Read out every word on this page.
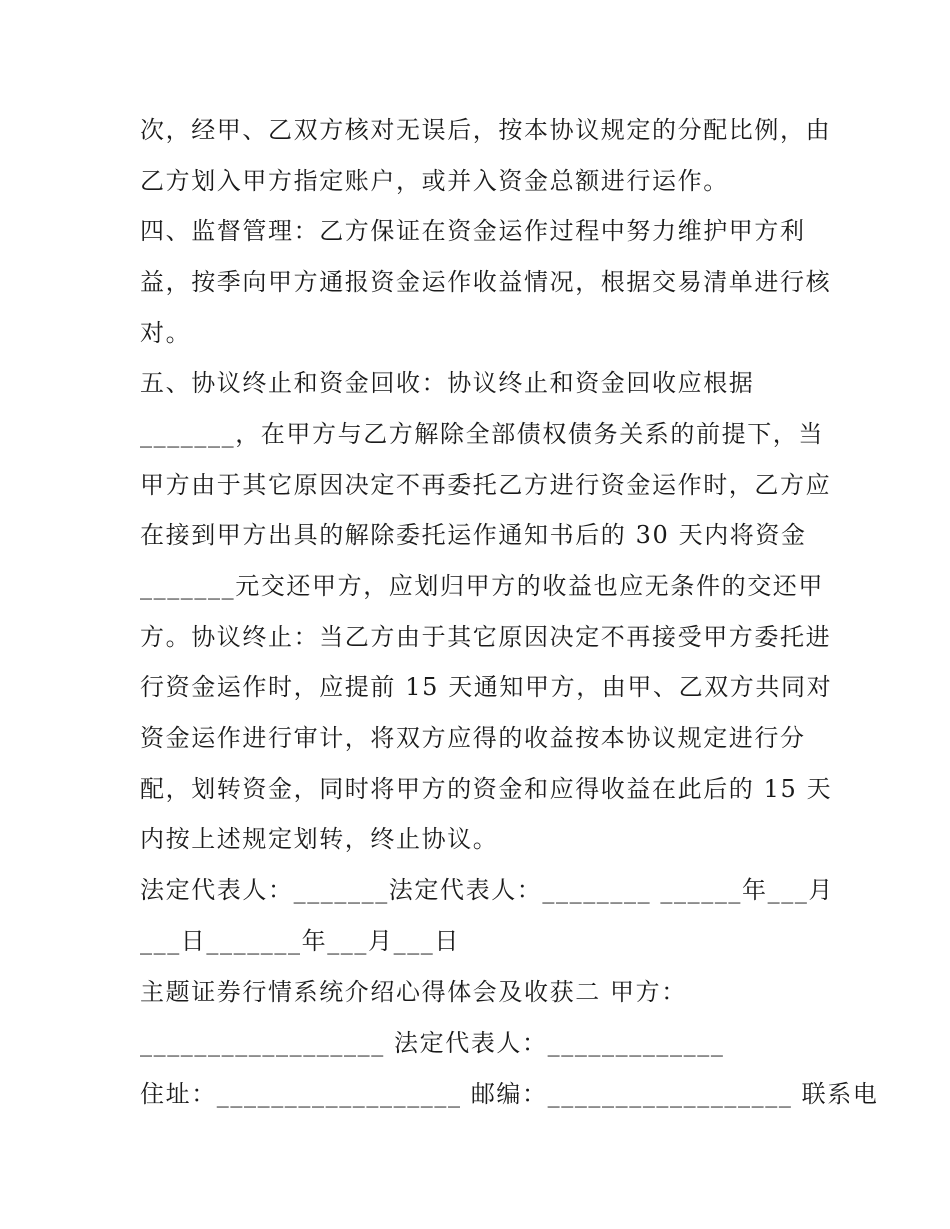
次，经甲、乙双方核对无误后，按本协议规定的分配比例，由
乙方划入甲方指定账户，或并入资金总额进行运作。
四、监督管理：乙方保证在资金运作过程中努力维护甲方利
益，按季向甲方通报资金运作收益情况，根据交易清单进行核
对。
五、协议终止和资金回收：协议终止和资金回收应根据
_______，在甲方与乙方解除全部债权债务关系的前提下，当
甲方由于其它原因决定不再委托乙方进行资金运作时，乙方应
在接到甲方出具的解除委托运作通知书后的 30 天内将资金
_______元交还甲方，应划归甲方的收益也应无条件的交还甲
方。协议终止：当乙方由于其它原因决定不再接受甲方委托进
行资金运作时，应提前 15 天通知甲方，由甲、乙双方共同对
资金运作进行审计，将双方应得的收益按本协议规定进行分
配，划转资金，同时将甲方的资金和应得收益在此后的 15 天
内按上述规定划转，终止协议。
法定代表人：_______法定代表人：________ ______年___月
___日_______年___月___日
主题证券行情系统介绍心得体会及收获二 甲方：
__________________ 法定代表人：_____________
住址：__________________ 邮编：__________________ 联系电
